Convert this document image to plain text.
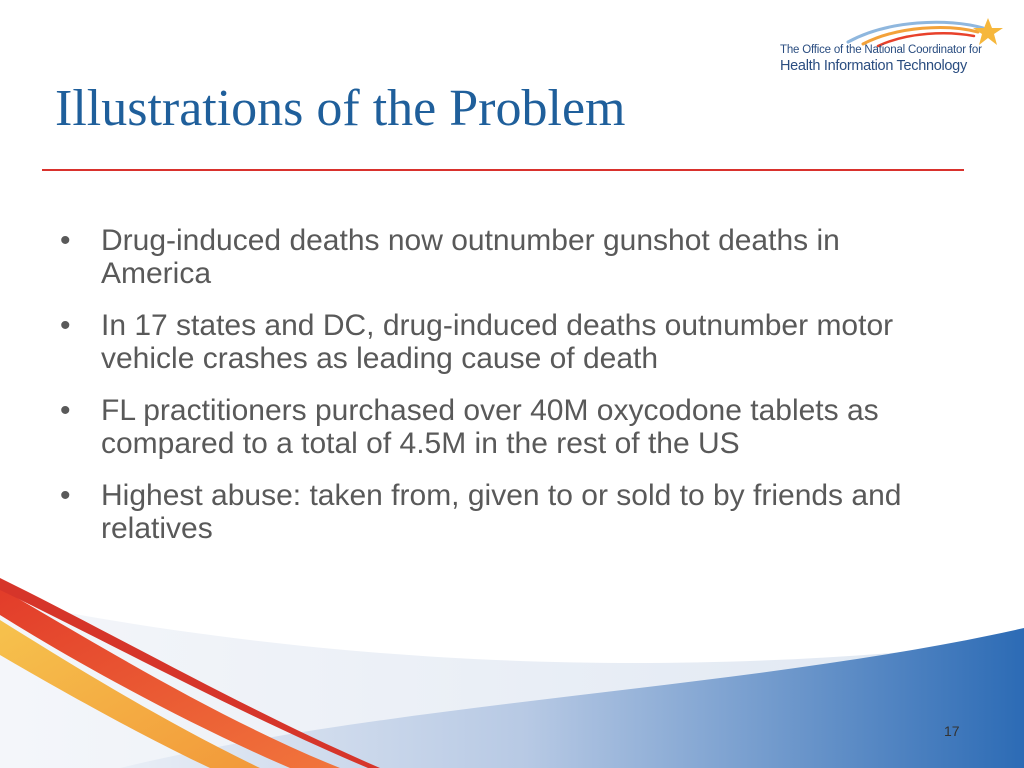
The Office of the National Coordinator for
Health Information Technology
Illustrations of the Problem
• Drug-induced deaths now outnumber gunshot deaths in America
• In 17 states and DC, drug-induced deaths outnumber motor vehicle crashes as leading cause of death
• FL practitioners purchased over 40M oxycodone tablets as compared to a total of 4.5M in the rest of the US
• Highest abuse: taken from, given to or sold to by friends and relatives
17
